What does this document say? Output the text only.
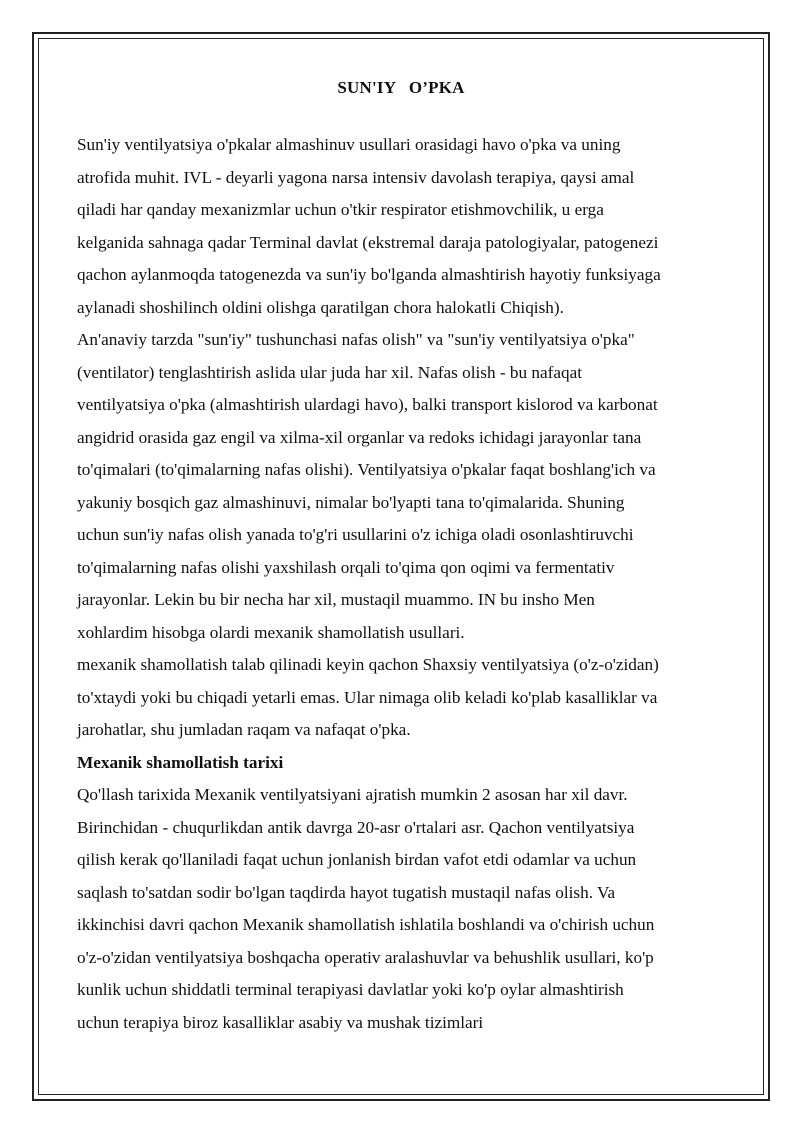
SUN'IY   O’PKA

Sun'iy ventilyatsiya o'pkalar almashinuv usullari orasidagi havo o'pka va uning
atrofida muhit. IVL - deyarli yagona narsa intensiv davolash terapiya, qaysi amal
qiladi har qanday mexanizmlar uchun o'tkir respirator etishmovchilik, u erga
kelganida sahnaga qadar Terminal davlat (ekstremal daraja patologiyalar, patogenezi
qachon aylanmoqda tatogenezda va sun'iy bo'lganda almashtirish hayotiy funksiyaga
aylanadi shoshilinch oldini olishga qaratilgan chora halokatli Chiqish).

An'anaviy tarzda "sun'iy" tushunchasi nafas olish" va "sun'iy ventilyatsiya o'pka"
(ventilator) tenglashtirish aslida ular juda har xil. Nafas olish - bu nafaqat
ventilyatsiya o'pka (almashtirish ulardagi havo), balki transport kislorod va karbonat
angidrid orasida gaz engil va xilma-xil organlar va redoks ichidagi jarayonlar tana
to'qimalari (to'qimalarning nafas olishi). Ventilyatsiya o'pkalar faqat boshlang'ich va
yakuniy bosqich gaz almashinuvi, nimalar bo'lyapti tana to'qimalarida. Shuning
uchun sun'iy nafas olish yanada to'g'ri usullarini o'z ichiga oladi osonlashtiruvchi
to'qimalarning nafas olishi yaxshilash orqali to'qima qon oqimi va fermentativ
jarayonlar. Lekin bu bir necha har xil, mustaqil muammo. IN bu insho Men
xohlardim hisobga olardi mexanik shamollatish usullari.

mexanik shamollatish talab qilinadi keyin qachon Shaxsiy ventilyatsiya (o'z-o'zidan)
to'xtaydi yoki bu chiqadi yetarli emas. Ular nimaga olib keladi ko'plab kasalliklar va
jarohatlar, shu jumladan raqam va nafaqat o'pka.

Mexanik shamollatish tarixi

Qo'llash tarixida Mexanik ventilyatsiyani ajratish mumkin 2 asosan har xil davr.
Birinchidan - chuqurlikdan antik davrga 20-asr o'rtalari asr. Qachon ventilyatsiya
qilish kerak qo'llaniladi faqat uchun jonlanish birdan vafot etdi odamlar va uchun
saqlash to'satdan sodir bo'lgan taqdirda hayot tugatish mustaqil nafas olish. Va
ikkinchisi davri qachon Mexanik shamollatish ishlatila boshlandi va o'chirish uchun
o'z-o'zidan ventilyatsiya boshqacha operativ aralashuvlar va behushlik usullari, ko'p
kunlik uchun shiddatli terminal terapiyasi davlatlar yoki ko'p oylar almashtirish
uchun terapiya biroz kasalliklar asabiy va mushak tizimlari
